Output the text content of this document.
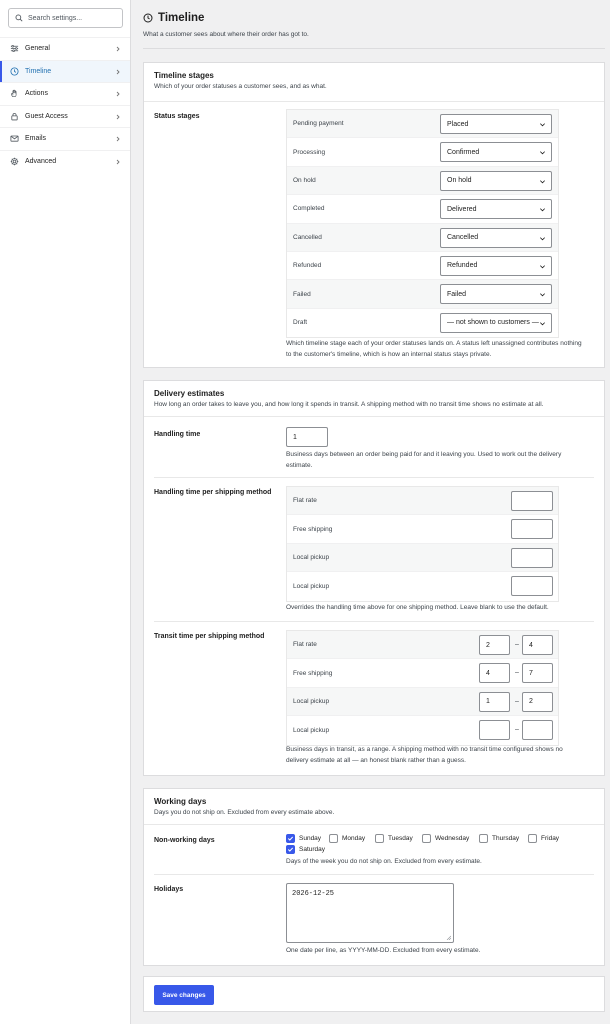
Search settings...
General
Timeline
Actions
Guest Access
Emails
Advanced
Timeline
What a customer sees about where their order has got to.
Timeline stages
Which of your order statuses a customer sees, and as what.
Status stages
Pending payment	Placed
Processing	Confirmed
On hold	On hold
Completed	Delivered
Cancelled	Cancelled
Refunded	Refunded
Failed	Failed
Draft	— not shown to customers —
Which timeline stage each of your order statuses lands on. A status left unassigned contributes nothing to the customer's timeline, which is how an internal status stays private.
Delivery estimates
How long an order takes to leave you, and how long it spends in transit. A shipping method with no transit time shows no estimate at all.
Handling time	1
Business days between an order being paid for and it leaving you. Used to work out the delivery estimate.
Handling time per shipping method
Flat rate
Free shipping
Local pickup
Local pickup
Overrides the handling time above for one shipping method. Leave blank to use the default.
Transit time per shipping method
Flat rate	2	– 4
Free shipping	4	– 7
Local pickup	1	– 2
Local pickup	–
Business days in transit, as a range. A shipping method with no transit time configured shows no delivery estimate at all — an honest blank rather than a guess.
Working days
Days you do not ship on. Excluded from every estimate above.
Non-working days	Sunday	Monday	Tuesday	Wednesday	Thursday	Friday
Saturday
Days of the week you do not ship on. Excluded from every estimate.
Holidays
2026-12-25
One date per line, as YYYY-MM-DD. Excluded from every estimate.
Save changes
